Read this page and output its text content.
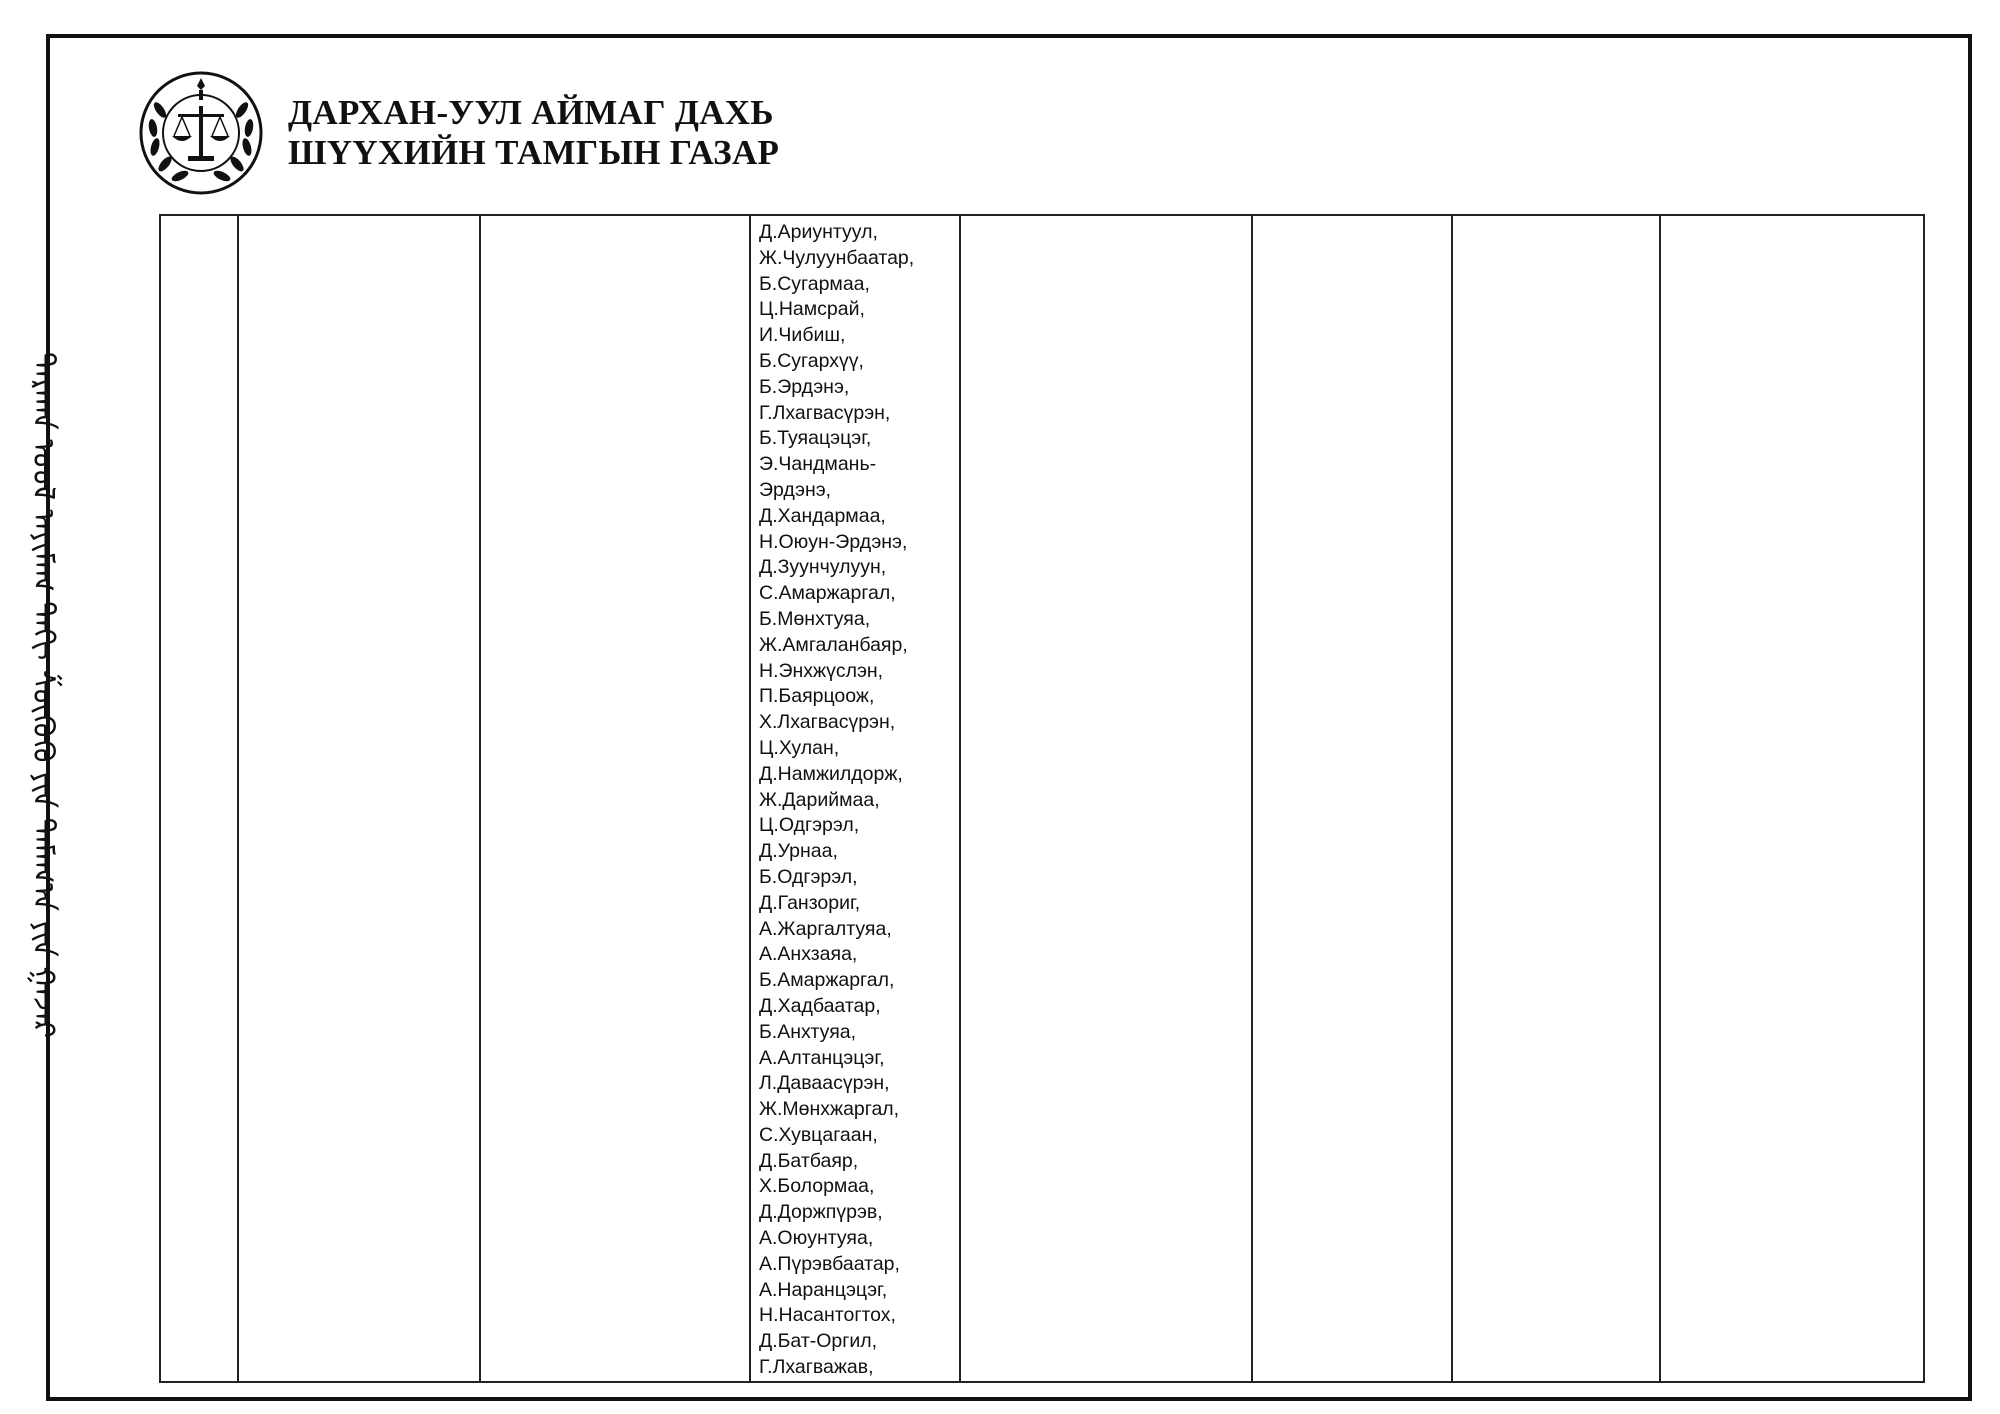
ᠳᠠᠷᠬᠠᠨ ᠤᠤᠯ ᠠᠶᠢᠮᠠᠭ ᠳᠠᠬᠢ ᠱᠦᠭᠦᠬᠦ ᠶᠢᠨ ᠲᠠᠮᠠᠭ᠎ᠠ ᠶᠢᠨ ᠭᠠᠵᠠᠷ
ДАРХАН-УУЛ АЙМАГ ДАХЬ
ШҮҮХИЙН ТАМГЫН ГАЗАР
Д.Ариунтуул,
Ж.Чулуунбаатар,
Б.Сугармаа,
Ц.Намсрай,
И.Чибиш,
Б.Сугархүү,
Б.Эрдэнэ,
Г.Лхагвасүрэн,
Б.Туяацэцэг,
Э.Чандмань-
Эрдэнэ,
Д.Хандармаа,
Н.Оюун-Эрдэнэ,
Д.Зуунчулуун,
С.Амаржаргал,
Б.Мөнхтуяа,
Ж.Амгаланбаяр,
Н.Энхжүслэн,
П.Баярцоож,
Х.Лхагвасүрэн,
Ц.Хулан,
Д.Намжилдорж,
Ж.Дариймаа,
Ц.Одгэрэл,
Д.Урнаа,
Б.Одгэрэл,
Д.Ганзориг,
А.Жаргалтуяа,
А.Анхзаяа,
Б.Амаржаргал,
Д.Хадбаатар,
Б.Анхтуяа,
А.Алтанцэцэг,
Л.Даваасүрэн,
Ж.Мөнхжаргал,
С.Хувцагаан,
Д.Батбаяр,
Х.Болормаа,
Д.Доржпүрэв,
А.Оюунтуяа,
А.Пүрэвбаатар,
А.Наранцэцэг,
Н.Насантогтох,
Д.Бат-Оргил,
Г.Лхагважав,
